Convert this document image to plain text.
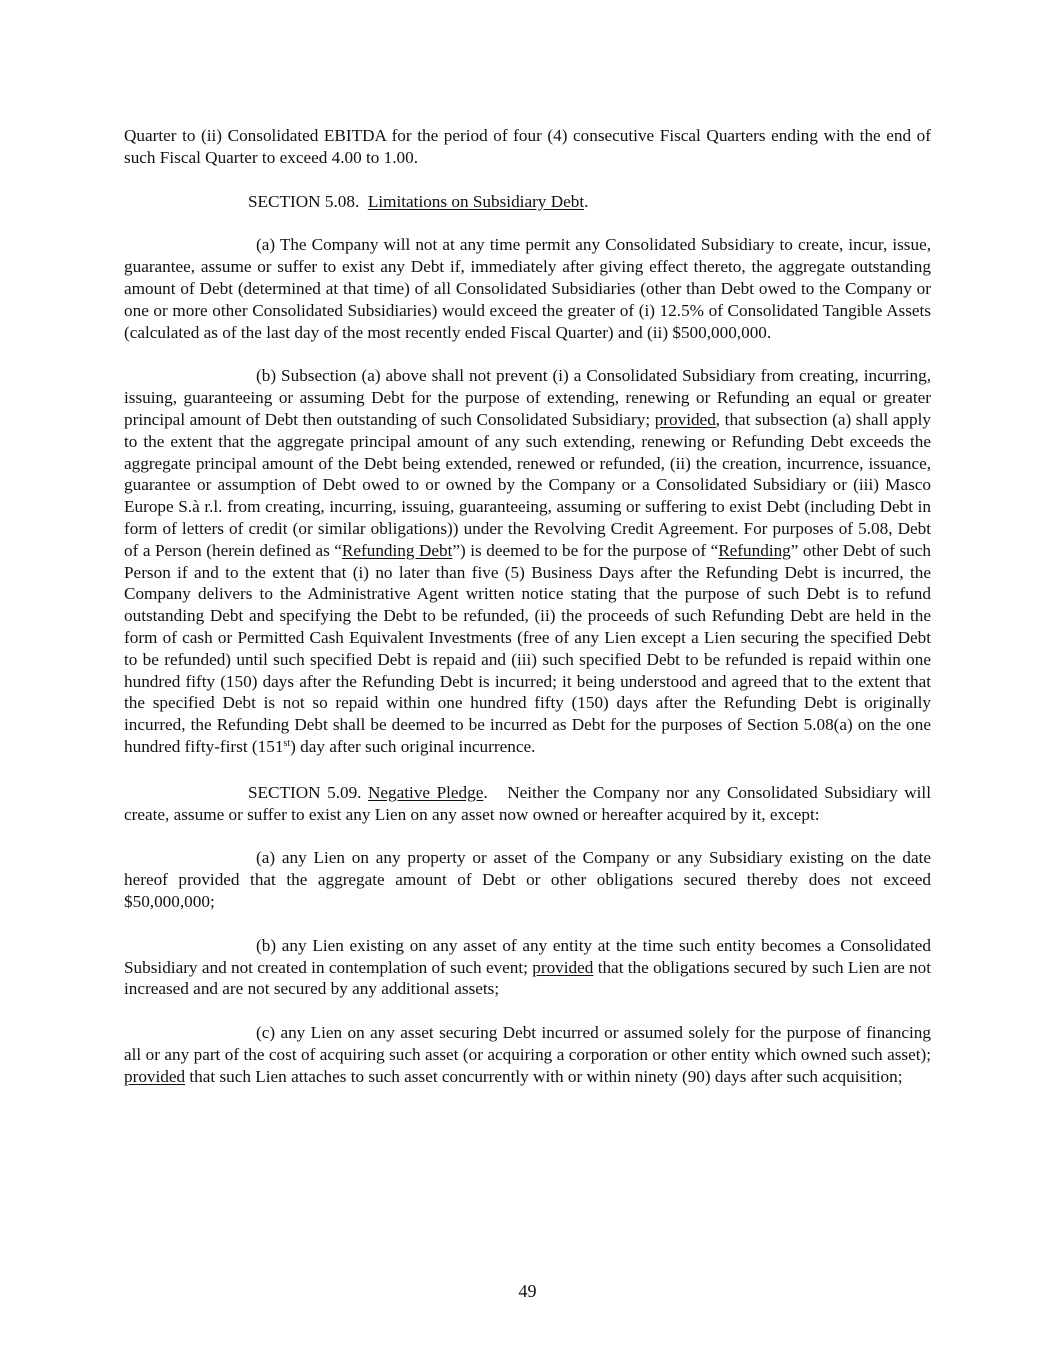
Quarter to (ii) Consolidated EBITDA for the period of four (4) consecutive Fiscal Quarters ending with the end of such Fiscal Quarter to exceed 4.00 to 1.00.

SECTION 5.08. Limitations on Subsidiary Debt.

(a) The Company will not at any time permit any Consolidated Subsidiary to create, incur, issue, guarantee, assume or suffer to exist any Debt if, immediately after giving effect thereto, the aggregate outstanding amount of Debt (determined at that time) of all Consolidated Subsidiaries (other than Debt owed to the Company or one or more other Consolidated Subsidiaries) would exceed the greater of (i) 12.5% of Consolidated Tangible Assets (calculated as of the last day of the most recently ended Fiscal Quarter) and (ii) $500,000,000.

(b) Subsection (a) above shall not prevent (i) a Consolidated Subsidiary from creating, incurring, issuing, guaranteeing or assuming Debt for the purpose of extending, renewing or Refunding an equal or greater principal amount of Debt then outstanding of such Consolidated Subsidiary; provided, that subsection (a) shall apply to the extent that the aggregate principal amount of any such extending, renewing or Refunding Debt exceeds the aggregate principal amount of the Debt being extended, renewed or refunded, (ii) the creation, incurrence, issuance, guarantee or assumption of Debt owed to or owned by the Company or a Consolidated Subsidiary or (iii) Masco Europe S.à r.l. from creating, incurring, issuing, guaranteeing, assuming or suffering to exist Debt (including Debt in form of letters of credit (or similar obligations)) under the Revolving Credit Agreement. For purposes of 5.08, Debt of a Person (herein defined as “Refunding Debt”) is deemed to be for the purpose of “Refunding” other Debt of such Person if and to the extent that (i) no later than five (5) Business Days after the Refunding Debt is incurred, the Company delivers to the Administrative Agent written notice stating that the purpose of such Debt is to refund outstanding Debt and specifying the Debt to be refunded, (ii) the proceeds of such Refunding Debt are held in the form of cash or Permitted Cash Equivalent Investments (free of any Lien except a Lien securing the specified Debt to be refunded) until such specified Debt is repaid and (iii) such specified Debt to be refunded is repaid within one hundred fifty (150) days after the Refunding Debt is incurred; it being understood and agreed that to the extent that the specified Debt is not so repaid within one hundred fifty (150) days after the Refunding Debt is originally incurred, the Refunding Debt shall be deemed to be incurred as Debt for the purposes of Section 5.08(a) on the one hundred fifty-first (151st) day after such original incurrence.

SECTION 5.09. Negative Pledge.   Neither the Company nor any Consolidated Subsidiary will create, assume or suffer to exist any Lien on any asset now owned or hereafter acquired by it, except:

(a) any Lien on any property or asset of the Company or any Subsidiary existing on the date hereof provided that the aggregate amount of Debt or other obligations secured thereby does not exceed $50,000,000;

(b) any Lien existing on any asset of any entity at the time such entity becomes a Consolidated Subsidiary and not created in contemplation of such event; provided that the obligations secured by such Lien are not increased and are not secured by any additional assets;

(c) any Lien on any asset securing Debt incurred or assumed solely for the purpose of financing all or any part of the cost of acquiring such asset (or acquiring a corporation or other entity which owned such asset); provided that such Lien attaches to such asset concurrently with or within ninety (90) days after such acquisition;

49
